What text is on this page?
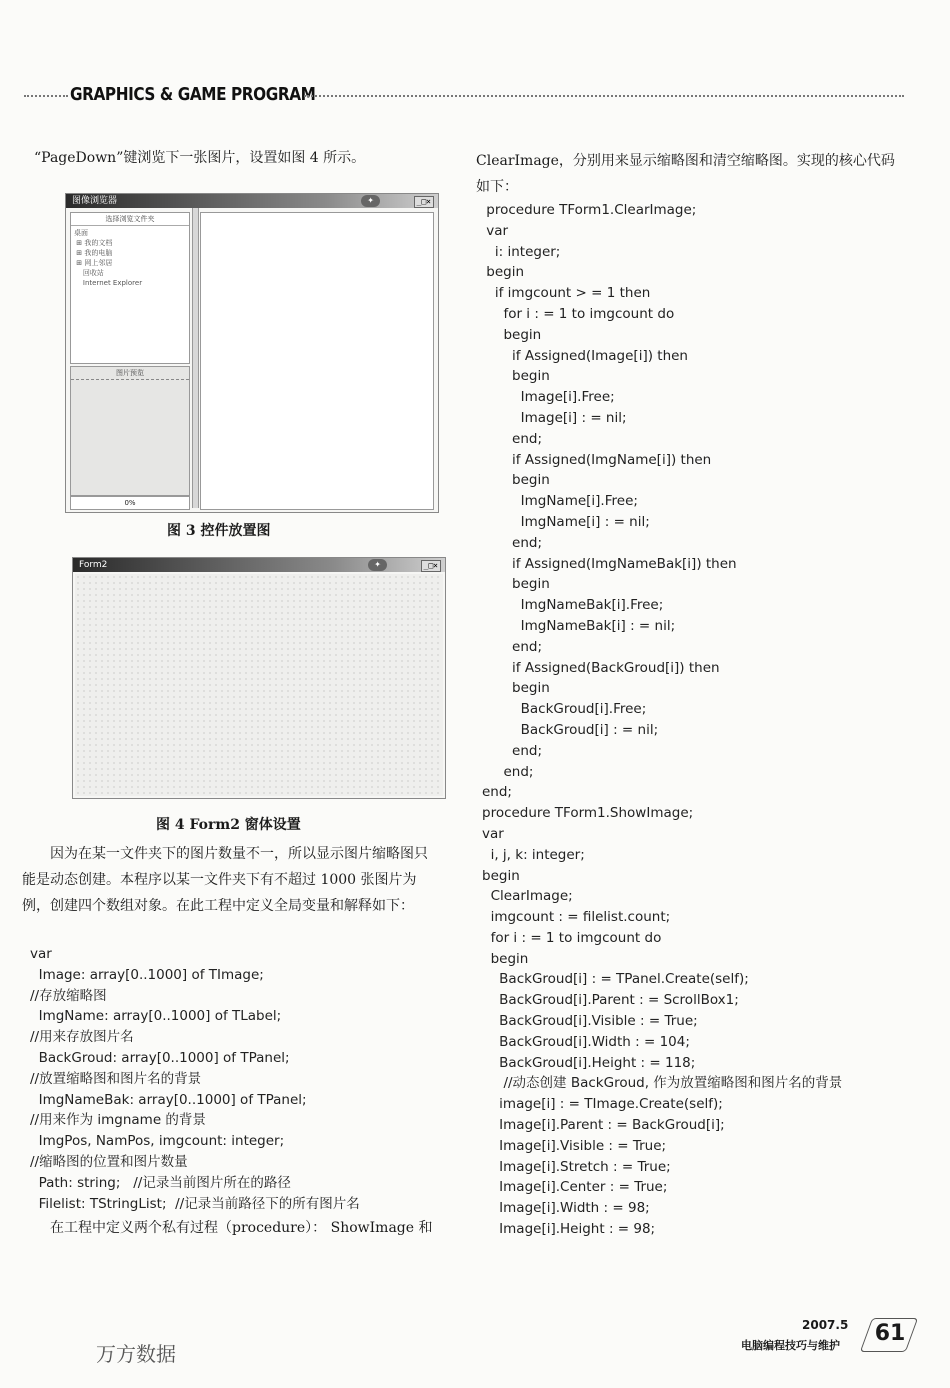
GRAPHICS & GAME PROGRAM
“PageDown”键浏览下一张图片，设置如图 4 所示。
图像浏览器	✦	_□×
选择浏览文件夹
桌面
⊞ 我的文档
⊞ 我的电脑
⊞ 网上邻居
回收站
Internet Explorer
图片预览
0%
图 3 控件放置图
Form2	✦	_□×
图 4 Form2 窗体设置
因为在某一文件夹下的图片数量不一，所以显示图片缩略图只能是动态创建。本程序以某一文件夹下有不超过 1000 张图片为例，创建四个数组对象。在此工程中定义全局变量和解释如下：
var
Image: array[0..1000] of TImage;
//存放缩略图
ImgName: array[0..1000] of TLabel;
//用来存放图片名
BackGroud: array[0..1000] of TPanel;
//放置缩略图和图片名的背景
ImgNameBak: array[0..1000] of TPanel;
//用来作为 imgname 的背景
ImgPos, NamPos, imgcount: integer;
//缩略图的位置和图片数量
Path: string;   //记录当前图片所在的路径
Filelist: TStringList;  //记录当前路径下的所有图片名
在工程中定义两个私有过程（procedure）： ShowImage 和
ClearImage，分别用来显示缩略图和清空缩略图。实现的核心代码如下：
procedure TForm1.ClearImage;
var
i: integer;
begin
if imgcount > = 1 then
for i : = 1 to imgcount do
begin
if Assigned(Image[i]) then
begin
Image[i].Free;
Image[i] : = nil;
end;
if Assigned(ImgName[i]) then
begin
ImgName[i].Free;
ImgName[i] : = nil;
end;
if Assigned(ImgNameBak[i]) then
begin
ImgNameBak[i].Free;
ImgNameBak[i] : = nil;
end;
if Assigned(BackGroud[i]) then
begin
BackGroud[i].Free;
BackGroud[i] : = nil;
end;
end;
end;
procedure TForm1.ShowImage;
var
i, j, k: integer;
begin
ClearImage;
imgcount : = filelist.count;
for i : = 1 to imgcount do
begin
BackGroud[i] : = TPanel.Create(self);
BackGroud[i].Parent : = ScrollBox1;
BackGroud[i].Visible : = True;
BackGroud[i].Width : = 104;
BackGroud[i].Height : = 118;
//动态创建 BackGroud, 作为放置缩略图和图片名的背景
image[i] : = TImage.Create(self);
Image[i].Parent : = BackGroud[i];
Image[i].Visible : = True;
Image[i].Stretch : = True;
Image[i].Center : = True;
Image[i].Width : = 98;
Image[i].Height : = 98;
万方数据
2007.5
电脑编程技巧与维护 61
